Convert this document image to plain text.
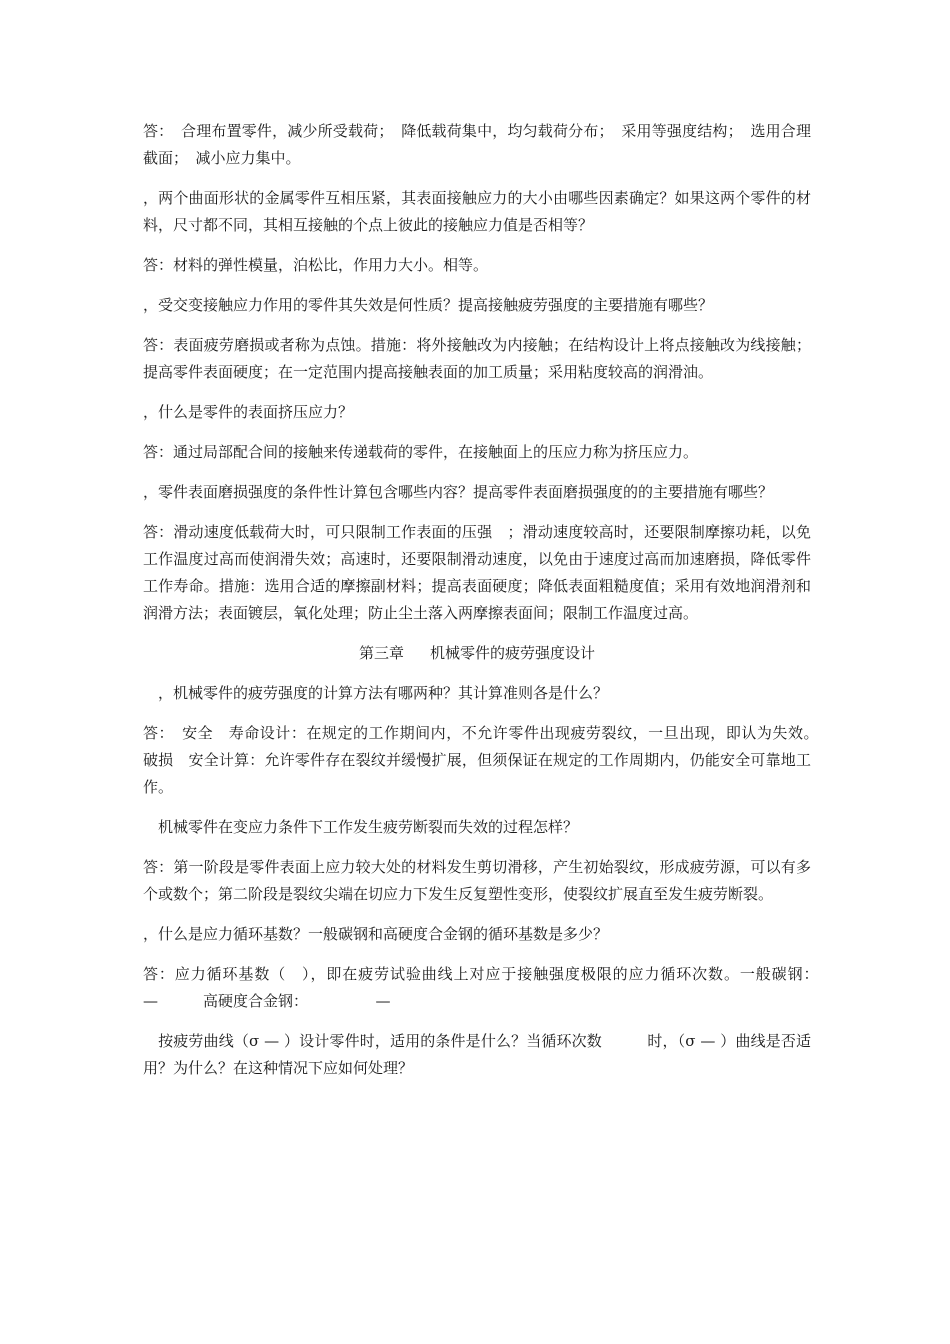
答：　合理布置零件，减少所受载荷；　降低载荷集中，均匀载荷分布；　采用等强度结构；　选用合理截面；　减小应力集中。

，两个曲面形状的金属零件互相压紧，其表面接触应力的大小由哪些因素确定？如果这两个零件的材料，尺寸都不同，其相互接触的个点上彼此的接触应力值是否相等？

答：材料的弹性模量，泊松比，作用力大小。相等。

，受交变接触应力作用的零件其失效是何性质？提高接触疲劳强度的主要措施有哪些？

答：表面疲劳磨损或者称为点蚀。措施：将外接触改为内接触；在结构设计上将点接触改为线接触；提高零件表面硬度；在一定范围内提高接触表面的加工质量；采用粘度较高的润滑油。

，什么是零件的表面挤压应力？

答：通过局部配合间的接触来传递载荷的零件，在接触面上的压应力称为挤压应力。

，零件表面磨损强度的条件性计算包含哪些内容？提高零件表面磨损强度的的主要措施有哪些？

答：滑动速度低载荷大时，可只限制工作表面的压强　；滑动速度较高时，还要限制摩擦功耗，以免工作温度过高而使润滑失效；高速时，还要限制滑动速度，以免由于速度过高而加速磨损，降低零件工作寿命。措施：选用合适的摩擦副材料；提高表面硬度；降低表面粗糙度值；采用有效地润滑剂和润滑方法；表面镀层，氧化处理；防止尘土落入两摩擦表面间；限制工作温度过高。

第三章 机械零件的疲劳强度设计

　，机械零件的疲劳强度的计算方法有哪两种？其计算准则各是什么？

答：　安全　寿命设计：在规定的工作期间内，不允许零件出现疲劳裂纹，一旦出现，即认为失效。　破损　安全计算：允许零件存在裂纹并缓慢扩展，但须保证在规定的工作周期内，仍能安全可靠地工作。

　机械零件在变应力条件下工作发生疲劳断裂而失效的过程怎样？

答：第一阶段是零件表面上应力较大处的材料发生剪切滑移，产生初始裂纹，形成疲劳源，可以有多个或数个；第二阶段是裂纹尖端在切应力下发生反复塑性变形，使裂纹扩展直至发生疲劳断裂。

，什么是应力循环基数？一般碳钢和高硬度合金钢的循环基数是多少？

答：应力循环基数（　），即在疲劳试验曲线上对应于接触强度极限的应力循环次数。一般碳钢：　　　—　　　高硬度合金钢：　　　　　—

　按疲劳曲线（σ — ）设计零件时，适用的条件是什么？当循环次数　　　时，（σ — ）曲线是否适用？为什么？在这种情况下应如何处理？
